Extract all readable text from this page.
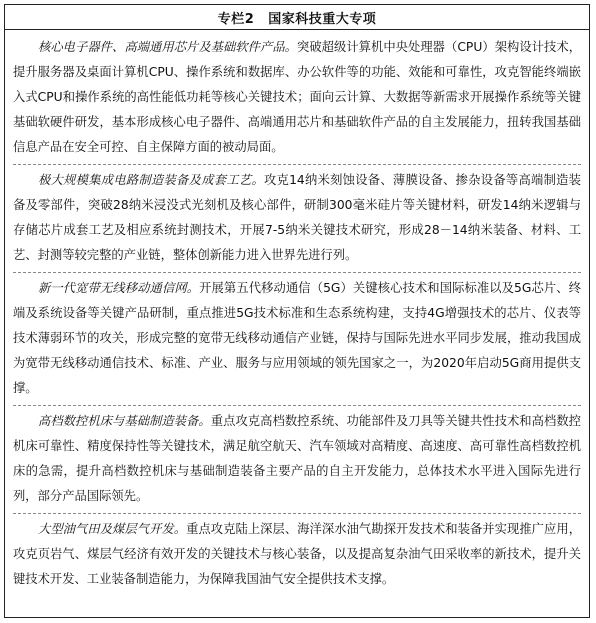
专栏2 国家科技重大专项
核心电子器件、高端通用芯片及基础软件产品。突破超级计算机中央处理器（CPU）架构设计技术，提升服务器及桌面计算机CPU、操作系统和数据库、办公软件等的功能、效能和可靠性，攻克智能终端嵌入式CPU和操作系统的高性能低功耗等核心关键技术；面向云计算、大数据等新需求开展操作系统等关键基础软硬件研发，基本形成核心电子器件、高端通用芯片和基础软件产品的自主发展能力，扭转我国基础信息产品在安全可控、自主保障方面的被动局面。
极大规模集成电路制造装备及成套工艺。攻克14纳米刻蚀设备、薄膜设备、掺杂设备等高端制造装备及零部件，突破28纳米浸没式光刻机及核心部件，研制300毫米硅片等关键材料，研发14纳米逻辑与存储芯片成套工艺及相应系统封测技术，开展7-5纳米关键技术研究，形成28－14纳米装备、材料、工艺、封测等较完整的产业链，整体创新能力进入世界先进行列。
新一代宽带无线移动通信网。开展第五代移动通信（5G）关键核心技术和国际标准以及5G芯片、终端及系统设备等关键产品研制，重点推进5G技术标准和生态系统构建，支持4G增强技术的芯片、仪表等技术薄弱环节的攻关，形成完整的宽带无线移动通信产业链，保持与国际先进水平同步发展，推动我国成为宽带无线移动通信技术、标准、产业、服务与应用领域的领先国家之一，为2020年启动5G商用提供支撑。
高档数控机床与基础制造装备。重点攻克高档数控系统、功能部件及刀具等关键共性技术和高档数控机床可靠性、精度保持性等关键技术，满足航空航天、汽车领域对高精度、高速度、高可靠性高档数控机床的急需，提升高档数控机床与基础制造装备主要产品的自主开发能力，总体技术水平进入国际先进行列，部分产品国际领先。
大型油气田及煤层气开发。重点攻克陆上深层、海洋深水油气勘探开发技术和装备并实现推广应用，攻克页岩气、煤层气经济有效开发的关键技术与核心装备，以及提高复杂油气田采收率的新技术，提升关键技术开发、工业装备制造能力，为保障我国油气安全提供技术支撑。
